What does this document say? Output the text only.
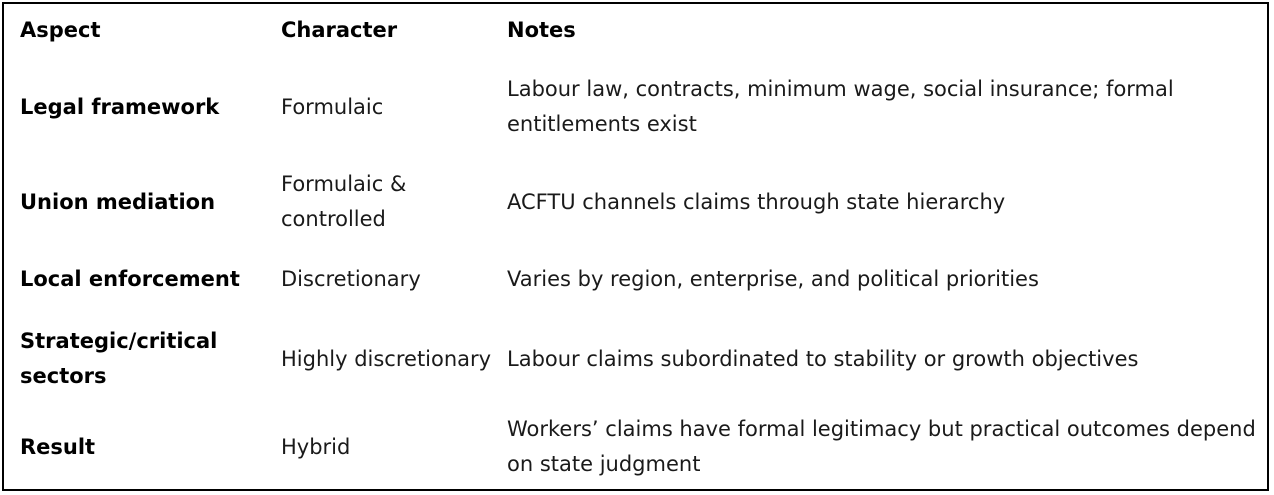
Aspect	Character	Notes
Legal framework	Formulaic	Labour law, contracts, minimum wage, social insurance; formal entitlements exist
Union mediation	Formulaic & controlled	ACFTU channels claims through state hierarchy
Local enforcement	Discretionary	Varies by region, enterprise, and political priorities
Strategic/critical sectors	Highly discretionary	Labour claims subordinated to stability or growth objectives
Result	Hybrid	Workers’ claims have formal legitimacy but practical outcomes depend on state judgment
